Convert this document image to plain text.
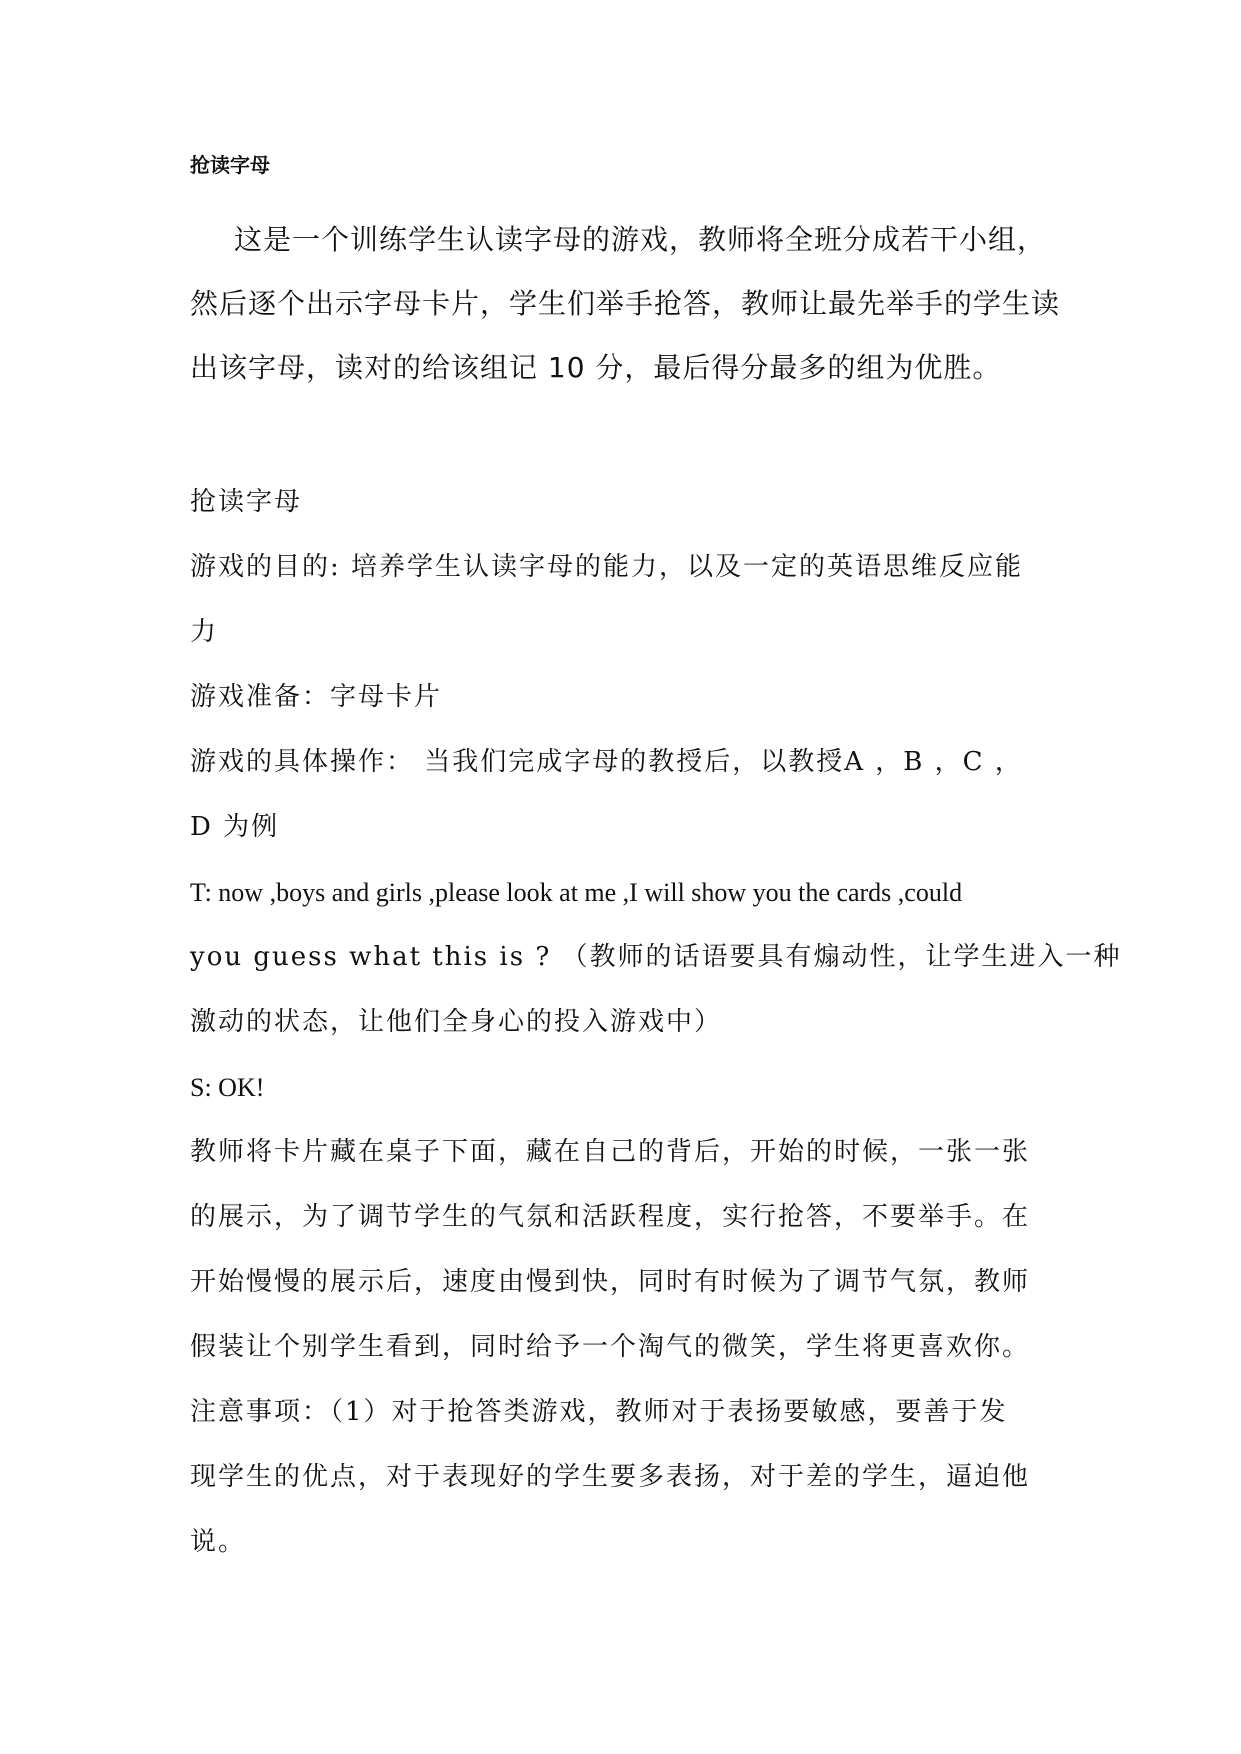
抢读字母
这是一个训练学生认读字母的游戏，教师将全班分成若干小组，
然后逐个出示字母卡片，学生们举手抢答，教师让最先举手的学生读
出该字母，读对的给该组记 10 分，最后得分最多的组为优胜。
抢读字母
游戏的目的: 培养学生认读字母的能力，以及一定的英语思维反应能
力
游戏准备：字母卡片
游戏的具体操作： 当我们完成字母的教授后，以教授A ，B ，C ，
D 为例
T: now ,boys and girls ,please look at me ,I will show you the cards ,could
you guess what this is ? （教师的话语要具有煽动性，让学生进入一种
激动的状态，让他们全身心的投入游戏中）
S: OK!
教师将卡片藏在桌子下面，藏在自己的背后，开始的时候，一张一张
的展示，为了调节学生的气氛和活跃程度，实行抢答，不要举手。在
开始慢慢的展示后，速度由慢到快，同时有时候为了调节气氛，教师
假装让个别学生看到，同时给予一个淘气的微笑，学生将更喜欢你。
注意事项：（1）对于抢答类游戏，教师对于表扬要敏感，要善于发
现学生的优点，对于表现好的学生要多表扬，对于差的学生，逼迫他
说。
